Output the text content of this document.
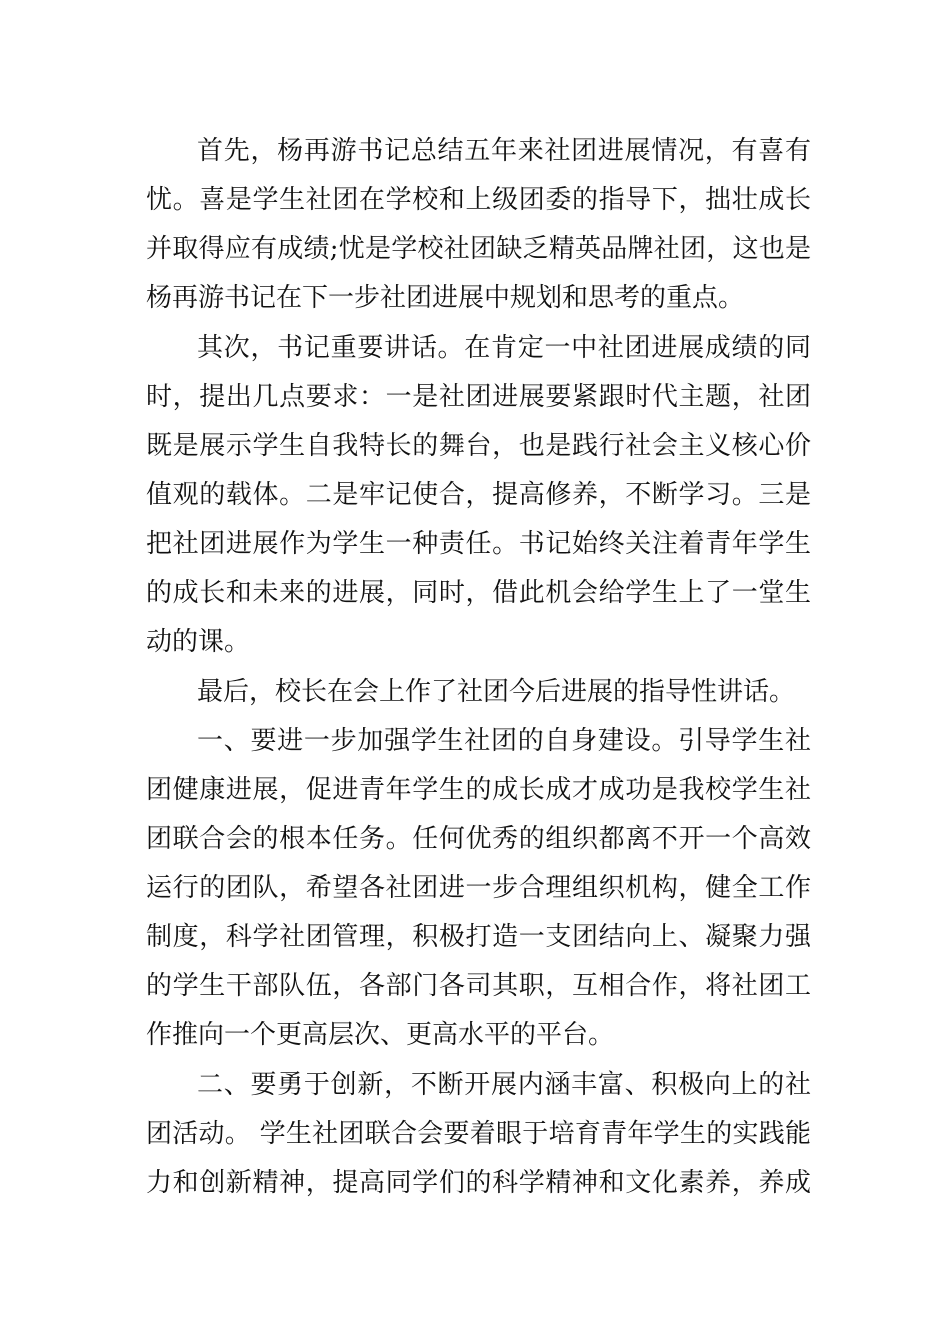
首先，杨再游书记总结五年来社团进展情况，有喜有
忧。喜是学生社团在学校和上级团委的指导下，拙壮成长
并取得应有成绩;忧是学校社团缺乏精英品牌社团，这也是
杨再游书记在下一步社团进展中规划和思考的重点。
其次，书记重要讲话。在肯定一中社团进展成绩的同
时，提出几点要求：一是社团进展要紧跟时代主题，社团
既是展示学生自我特长的舞台，也是践行社会主义核心价
值观的载体。二是牢记使合，提高修养，不断学习。三是
把社团进展作为学生一种责任。书记始终关注着青年学生
的成长和未来的进展，同时，借此机会给学生上了一堂生
动的课。
最后，校长在会上作了社团今后进展的指导性讲话。
一、要进一步加强学生社团的自身建设。引导学生社
团健康进展，促进青年学生的成长成才成功是我校学生社
团联合会的根本任务。任何优秀的组织都离不开一个高效
运行的团队，希望各社团进一步合理组织机构，健全工作
制度，科学社团管理，积极打造一支团结向上、凝聚力强
的学生干部队伍，各部门各司其职，互相合作，将社团工
作推向一个更高层次、更高水平的平台。
二、要勇于创新，不断开展内涵丰富、积极向上的社
团活动。 学生社团联合会要着眼于培育青年学生的实践能
力和创新精神，提高同学们的科学精神和文化素养，养成
